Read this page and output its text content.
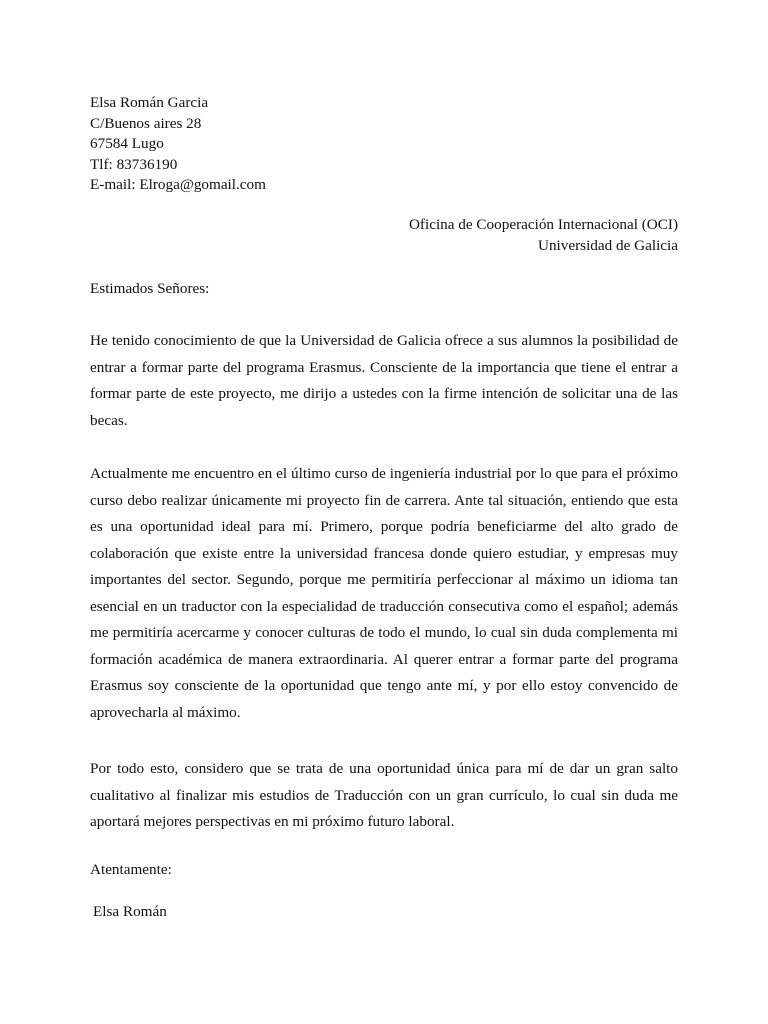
Elsa Román Garcia
C/Buenos aires 28
67584 Lugo
Tlf: 83736190
E-mail: Elroga@gomail.com
Oficina de Cooperación Internacional (OCI)
Universidad de Galicia
Estimados Señores:
He tenido conocimiento de que la Universidad de Galicia ofrece a sus alumnos la posibilidad de
entrar a formar parte del programa Erasmus. Consciente de la importancia que tiene el entrar a
formar parte de este proyecto, me dirijo a ustedes con la firme intención de solicitar una de las
becas.
Actualmente me encuentro en el último curso de ingeniería industrial por lo que para el próximo
curso debo realizar únicamente mi proyecto fin de carrera. Ante tal situación, entiendo que esta
es una oportunidad ideal para mí. Primero, porque podría beneficiarme del alto grado de
colaboración que existe entre la universidad francesa donde quiero estudiar, y empresas muy
importantes del sector. Segundo, porque me permitiría perfeccionar al máximo un idioma tan
esencial en un traductor con la especialidad de traducción consecutiva como el español; además
me permitiría acercarme y conocer culturas de todo el mundo, lo cual sin duda complementa mi
formación académica de manera extraordinaria. Al querer entrar a formar parte del programa
Erasmus soy consciente de la oportunidad que tengo ante mí, y por ello estoy convencido de
aprovecharla al máximo.
Por todo esto, considero que se trata de una oportunidad única para mí de dar un gran salto
cualitativo al finalizar mis estudios de Traducción con un gran currículo, lo cual sin duda me
aportará mejores perspectivas en mi próximo futuro laboral.
Atentamente:
Elsa Román
